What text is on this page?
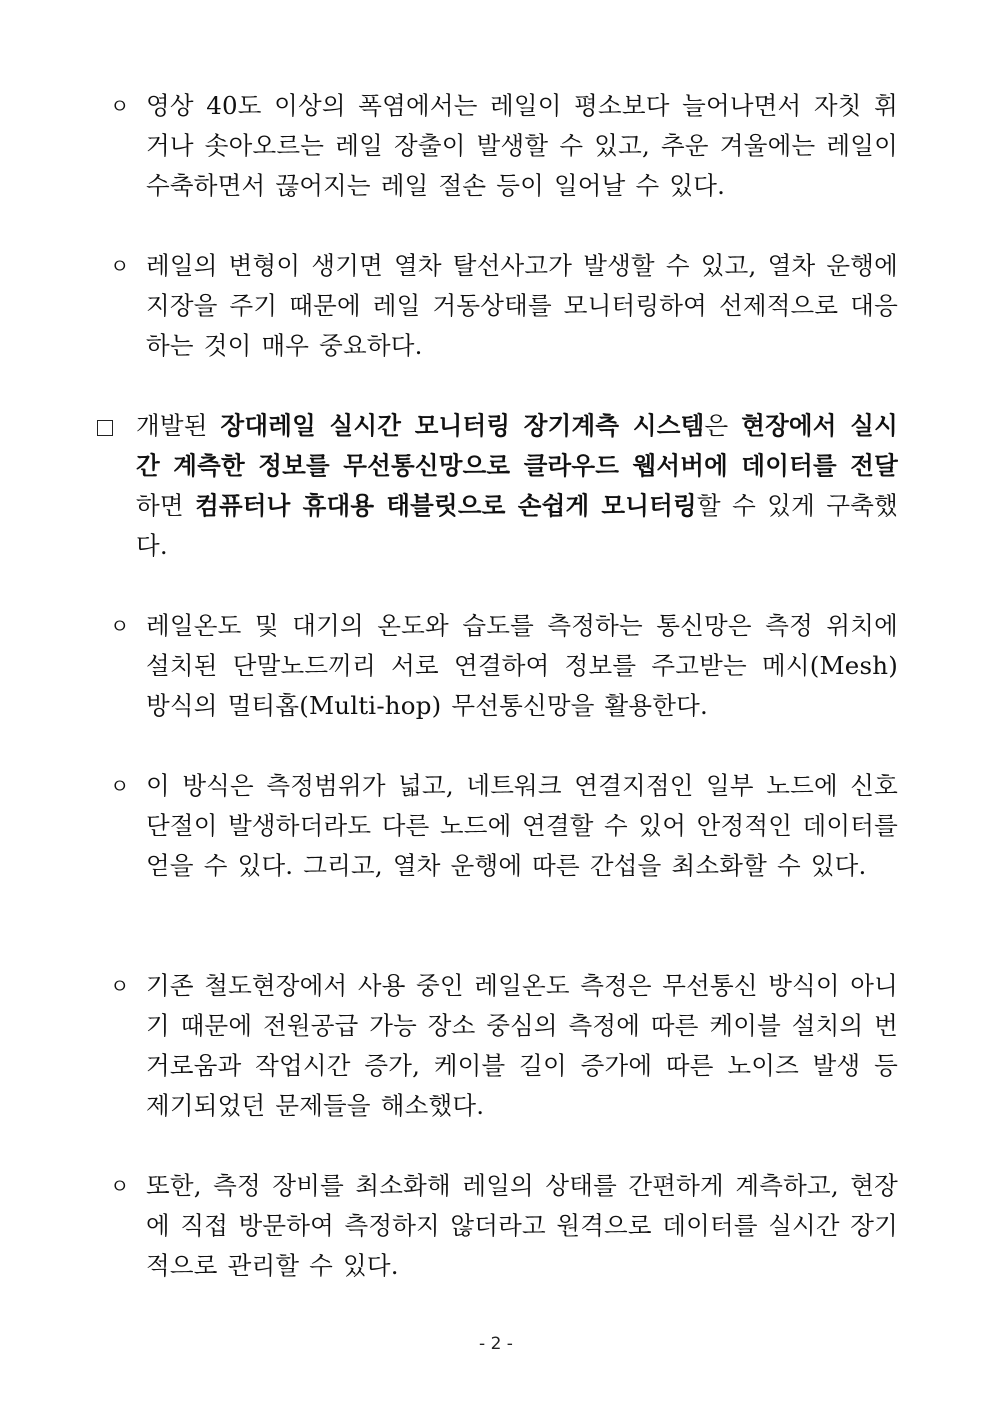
ㅇ 영상 40도 이상의 폭염에서는 레일이 평소보다 늘어나면서 자칫 휘거나 솟아오르는 레일 장출이 발생할 수 있고, 추운 겨울에는 레일이 수축하면서 끊어지는 레일 절손 등이 일어날 수 있다.
ㅇ 레일의 변형이 생기면 열차 탈선사고가 발생할 수 있고, 열차 운행에 지장을 주기 때문에 레일 거동상태를 모니터링하여 선제적으로 대응하는 것이 매우 중요하다.
개발된 장대레일 실시간 모니터링 장기계측 시스템은 현장에서 실시간 계측한 정보를 무선통신망으로 클라우드 웹서버에 데이터를 전달하면 컴퓨터나 휴대용 태블릿으로 손쉽게 모니터링할 수 있게 구축했다.
ㅇ 레일온도 및 대기의 온도와 습도를 측정하는 통신망은 측정 위치에 설치된 단말노드끼리 서로 연결하여 정보를 주고받는 메시(Mesh) 방식의 멀티홉(Multi-hop) 무선통신망을 활용한다.
ㅇ 이 방식은 측정범위가 넓고, 네트워크 연결지점인 일부 노드에 신호 단절이 발생하더라도 다른 노드에 연결할 수 있어 안정적인 데이터를 얻을 수 있다. 그리고, 열차 운행에 따른 간섭을 최소화할 수 있다.
ㅇ 기존 철도현장에서 사용 중인 레일온도 측정은 무선통신 방식이 아니기 때문에 전원공급 가능 장소 중심의 측정에 따른 케이블 설치의 번거로움과 작업시간 증가, 케이블 길이 증가에 따른 노이즈 발생 등 제기되었던 문제들을 해소했다.
ㅇ 또한, 측정 장비를 최소화해 레일의 상태를 간편하게 계측하고, 현장에 직접 방문하여 측정하지 않더라고 원격으로 데이터를 실시간 장기적으로 관리할 수 있다.
- 2 -
